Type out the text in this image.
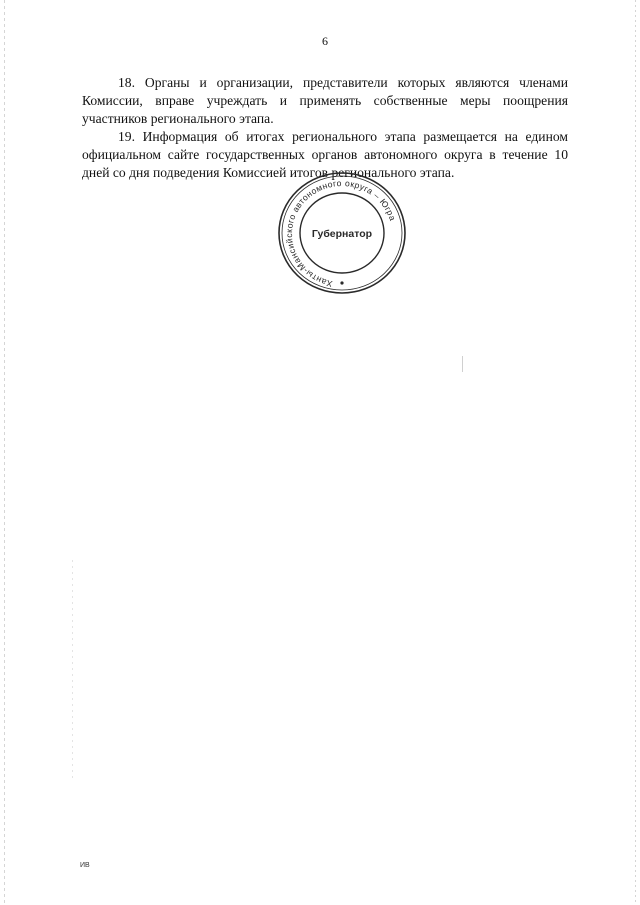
6

18. Органы и организации, представители которых являются членами Комиссии, вправе учреждать и применять собственные меры поощрения участников регионального этапа.

19. Информация об итогах регионального этапа размещается на едином официальном сайте государственных органов автономного округа в течение 10 дней со дня подведения Комиссией итогов регионального этапа.

Ханты-Мансийского автономного округа – Югра
Губернатор
ИВ
